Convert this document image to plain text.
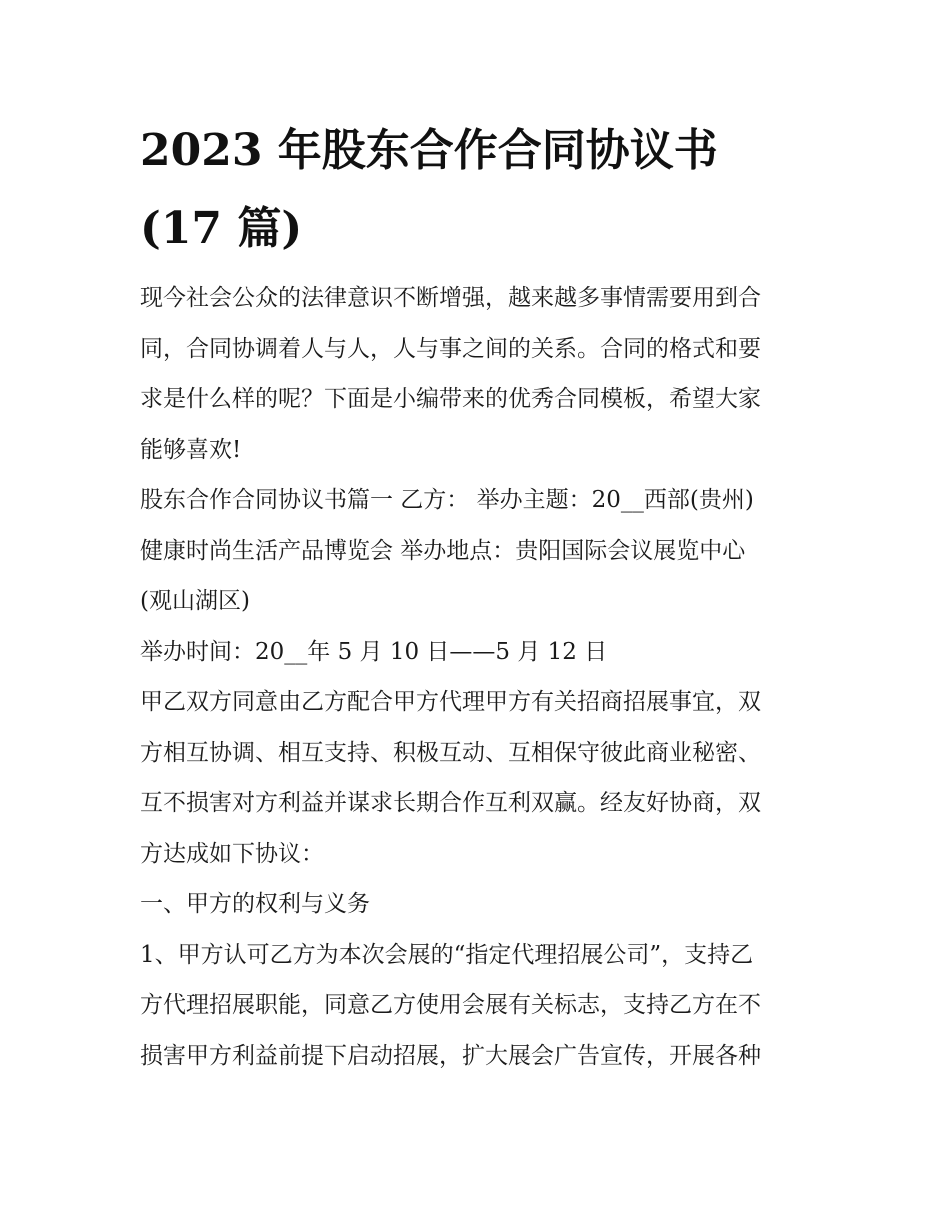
2023 年股东合作合同协议书
(17 篇)

现今社会公众的法律意识不断增强，越来越多事情需要用到合
同，合同协调着人与人，人与事之间的关系。合同的格式和要
求是什么样的呢？下面是小编带来的优秀合同模板，希望大家
能够喜欢!

股东合作合同协议书篇一 乙方： 举办主题：20__西部(贵州)
健康时尚生活产品博览会 举办地点：贵阳国际会议展览中心
(观山湖区)

举办时间：20__年 5 月 10 日——5 月 12 日

甲乙双方同意由乙方配合甲方代理甲方有关招商招展事宜，双
方相互协调、相互支持、积极互动、互相保守彼此商业秘密、
互不损害对方利益并谋求长期合作互利双赢。经友好协商，双
方达成如下协议：

一、甲方的权利与义务

1、甲方认可乙方为本次会展的“指定代理招展公司”，支持乙
方代理招展职能，同意乙方使用会展有关标志，支持乙方在不
损害甲方利益前提下启动招展，扩大展会广告宣传，开展各种
